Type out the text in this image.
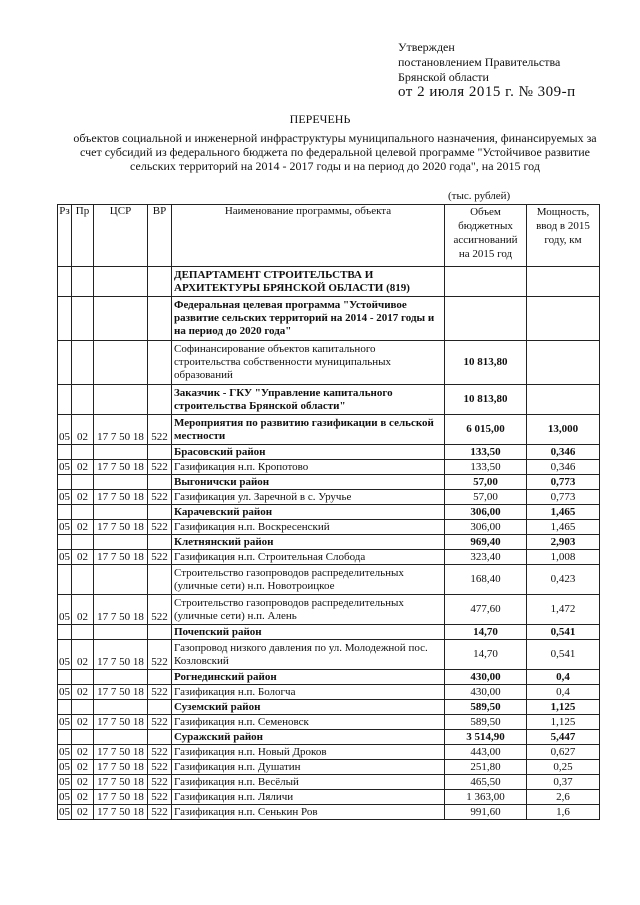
Утвержден
постановлением Правительства
Брянской области
от 2 июля 2015 г. № 309-п
ПЕРЕЧЕНЬ
объектов социальной и инженерной инфраструктуры муниципального назначения, финансируемых за счет субсидий из федерального бюджета по федеральной целевой программе "Устойчивое развитие сельских территорий на 2014 - 2017 годы и на период до 2020 года", на 2015 год
(тыс. рублей)
Рз	Пр	ЦСР	ВР	Наименование программы, объекта	Объем бюджетных ассигнований на 2015 год	Мощность, ввод в 2015 году, км
				ДЕПАРТАМЕНТ СТРОИТЕЛЬСТВА И АРХИТЕКТУРЫ БРЯНСКОЙ ОБЛАСТИ (819)		
				Федеральная целевая программа "Устойчивое развитие сельских территорий на 2014 - 2017 годы и на период до 2020 года"		
				Софинансирование объектов капитального строительства собственности муниципальных образований	10 813,80	
				Заказчик - ГКУ "Управление капитального строительства Брянской области"	10 813,80	
05	02	17 7 50 18	522	Мероприятия по развитию газификации в сельской местности	6 015,00	13,000
				Брасовский район	133,50	0,346
05	02	17 7 50 18	522	Газификация н.п. Кропотово	133,50	0,346
				Выгоничски район	57,00	0,773
05	02	17 7 50 18	522	Газификация ул. Заречной в с. Уручье	57,00	0,773
				Карачевский район	306,00	1,465
05	02	17 7 50 18	522	Газификация н.п. Воскресенский	306,00	1,465
				Клетнянский район	969,40	2,903
05	02	17 7 50 18	522	Газификация н.п. Строительная Слобода	323,40	1,008
				Строительство газопроводов распределительных (уличные сети) н.п. Новотроицкое	168,40	0,423
05	02	17 7 50 18	522	Строительство газопроводов распределительных (уличные сети) н.п. Алень	477,60	1,472
				Почепский район	14,70	0,541
05	02	17 7 50 18	522	Газопровод низкого давления по ул. Молодежной пос. Козловский	14,70	0,541
				Рогнединский район	430,00	0,4
05	02	17 7 50 18	522	Газификация н.п. Бологча	430,00	0,4
				Суземский район	589,50	1,125
05	02	17 7 50 18	522	Газификация н.п. Семеновск	589,50	1,125
				Суражский район	3 514,90	5,447
05	02	17 7 50 18	522	Газификация н.п. Новый Дроков	443,00	0,627
05	02	17 7 50 18	522	Газификация н.п. Душатин	251,80	0,25
05	02	17 7 50 18	522	Газификация н.п. Весёлый	465,50	0,37
05	02	17 7 50 18	522	Газификация н.п. Ляличи	1 363,00	2,6
05	02	17 7 50 18	522	Газификация н.п. Сенькин Ров	991,60	1,6
